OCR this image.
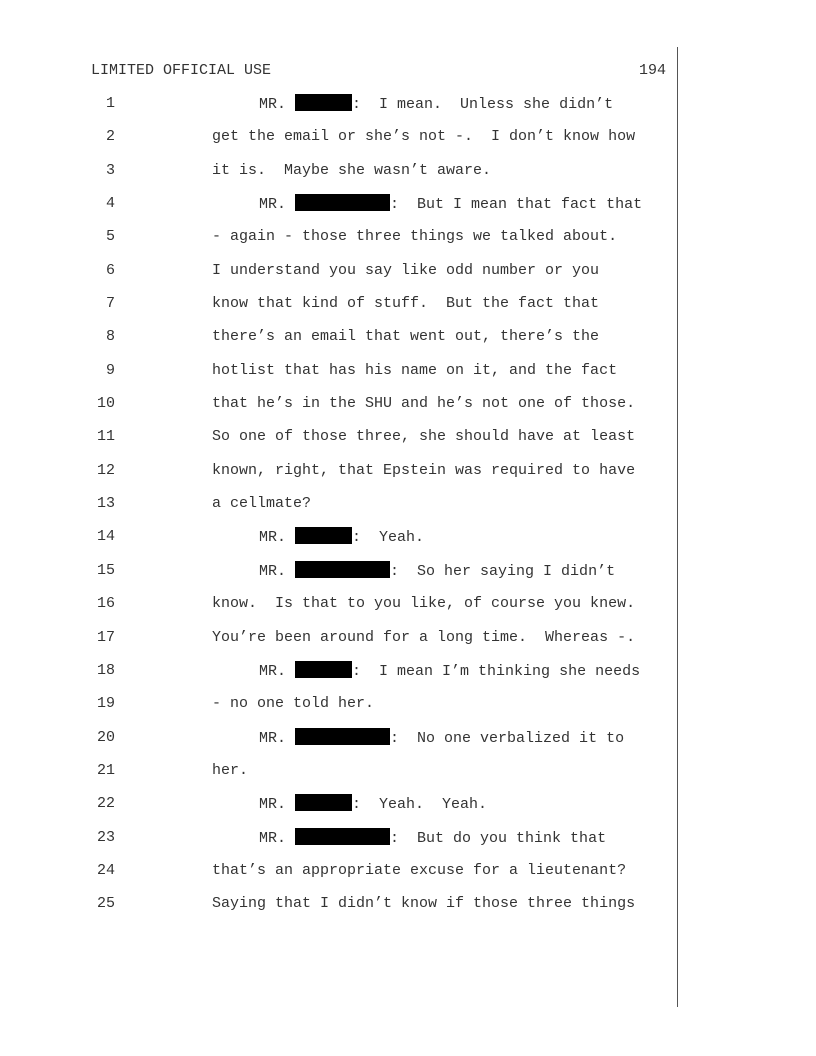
LIMITED OFFICIAL USE	194
1	MR.	:  I mean.  Unless she didn’t
2	get the email or she’s not -.  I don’t know how
3	it is.  Maybe she wasn’t aware.
4	MR.	:  But I mean that fact that
5	- again - those three things we talked about.
6	I understand you say like odd number or you
7	know that kind of stuff.  But the fact that
8	there’s an email that went out, there’s the
9	hotlist that has his name on it, and the fact
10	that he’s in the SHU and he’s not one of those.
11	So one of those three, she should have at least
12	known, right, that Epstein was required to have
13	a cellmate?
14	MR.	:  Yeah.
15	MR.	:  So her saying I didn’t
16	know.  Is that to you like, of course you knew.
17	You’re been around for a long time.  Whereas -.
18	MR.	:  I mean I’m thinking she needs
19	- no one told her.
20	MR.	:  No one verbalized it to
21	her.
22	MR.	:  Yeah.  Yeah.
23	MR.	:  But do you think that
24	that’s an appropriate excuse for a lieutenant?
25	Saying that I didn’t know if those three things
